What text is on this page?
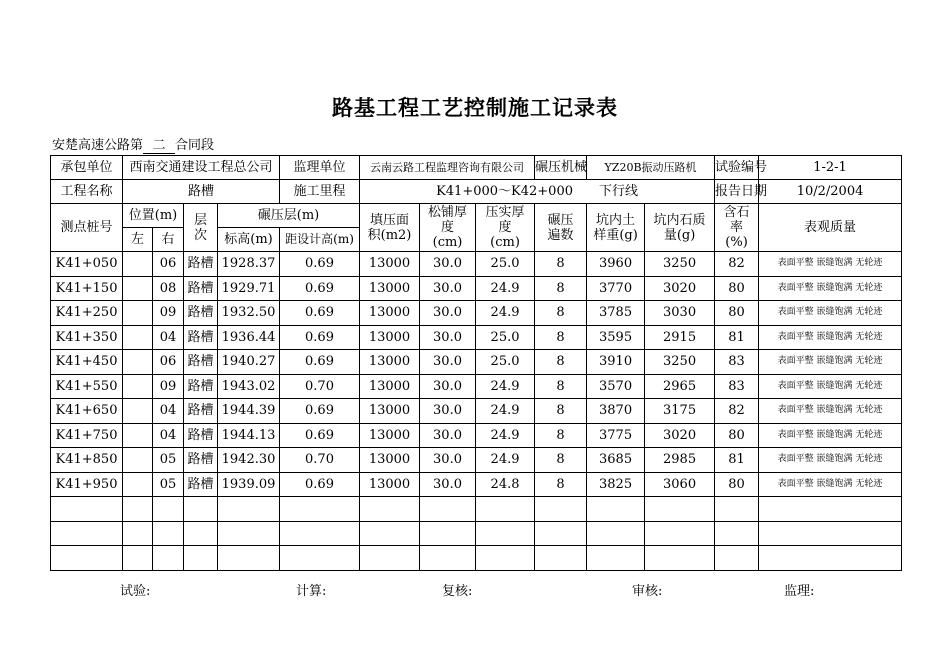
路基工程工艺控制施工记录表
安楚高速公路第 二 合同段
承包单位	西南交通建设工程总公司				监理单位	云南云路工程监理咨询有限公司			碾压机械	YZ20B振动压路机		试验编号	1-2-1
工程名称	路槽				施工里程	K41+000～K42+000　　下行线						报告日期	10/2/2004
测点桩号	位置(m)		层次	碾压层(m)		填压面积(m2)	松铺厚度(cm)	压实厚度(cm)	碾压遍数	坑内土样重(g)	坑内石质量(g)	含石率(%)	表观质量
	左	右		标高(m)	距设计高(m)								
K41+050		06	路槽	1928.37	0.69	13000	30.0	25.0	8	3960	3250	82	表面平整 嵌缝饱满 无轮迹
K41+150		08	路槽	1929.71	0.69	13000	30.0	24.9	8	3770	3020	80	表面平整 嵌缝饱满 无轮迹
K41+250		09	路槽	1932.50	0.69	13000	30.0	24.9	8	3785	3030	80	表面平整 嵌缝饱满 无轮迹
K41+350		04	路槽	1936.44	0.69	13000	30.0	25.0	8	3595	2915	81	表面平整 嵌缝饱满 无轮迹
K41+450		06	路槽	1940.27	0.69	13000	30.0	25.0	8	3910	3250	83	表面平整 嵌缝饱满 无轮迹
K41+550		09	路槽	1943.02	0.70	13000	30.0	24.9	8	3570	2965	83	表面平整 嵌缝饱满 无轮迹
K41+650		04	路槽	1944.39	0.69	13000	30.0	24.9	8	3870	3175	82	表面平整 嵌缝饱满 无轮迹
K41+750		04	路槽	1944.13	0.69	13000	30.0	24.9	8	3775	3020	80	表面平整 嵌缝饱满 无轮迹
K41+850		05	路槽	1942.30	0.70	13000	30.0	24.9	8	3685	2985	81	表面平整 嵌缝饱满 无轮迹
K41+950		05	路槽	1939.09	0.69	13000	30.0	24.8	8	3825	3060	80	表面平整 嵌缝饱满 无轮迹

试验:	计算:	复核:	审核:	监理:
